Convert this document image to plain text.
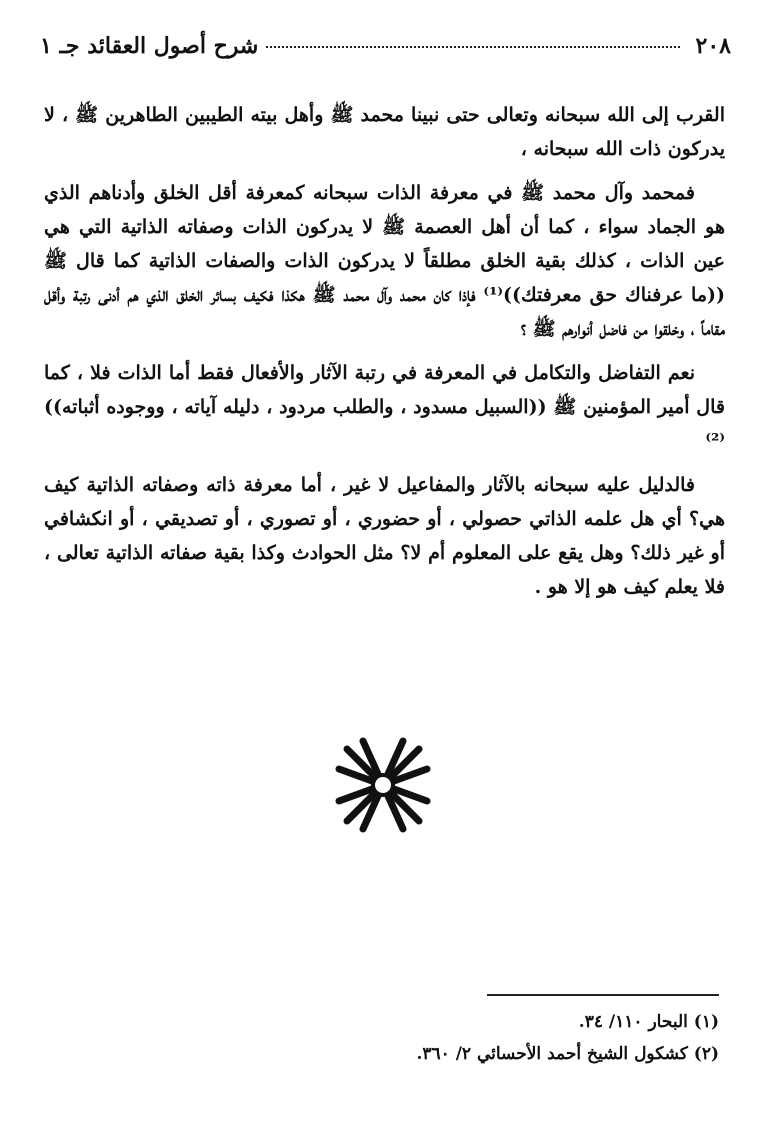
٢٠٨
شرح أصول العقائد جـ ١

القرب إلى الله سبحانه وتعالى حتى نبينا محمد ﷺ وأهل بيته الطيبين الطاهرين ﷺ ، لا يدركون ذات الله سبحانه ،

فمحمد وآل محمد ﷺ في معرفة الذات سبحانه كمعرفة أقل الخلق وأدناهم الذي هو الجماد سواء ، كما أن أهل العصمة ﷺ لا يدركون الذات وصفاته الذاتية التي هي عين الذات ، كذلك بقية الخلق مطلقاً لا يدركون الذات والصفات الذاتية كما قال ﷺ ((ما عرفناك حق معرفتك))⁽¹⁾ فإذا كان محمد وآل محمد ﷺ هكذا فكيف بسائر الخلق الذي هم أدنى رتبة وأقل مقاماً ، وخلقوا من فاضل أنوارهم ﷺ ؟

نعم التفاضل والتكامل في المعرفة في رتبة الآثار والأفعال فقط أما الذات فلا ، كما قال أمير المؤمنين ﷺ ((السبيل مسدود ، والطلب مردود ، دليله آياته ، ووجوده أثباته))⁽²⁾

فالدليل عليه سبحانه بالآثار والمفاعيل لا غير ، أما معرفة ذاته وصفاته الذاتية كيف هي؟ أي هل علمه الذاتي حصولي ، أو حضوري ، أو تصوري ، أو تصديقي ، أو انكشافي أو غير ذلك؟ وهل يقع على المعلوم أم لا؟ مثل الحوادث وكذا بقية صفاته الذاتية تعالى ، فلا يعلم كيف هو إلا هو .

(١) البحار ١١٠/ ٣٤.
(٢) كشكول الشيخ أحمد الأحسائي ٢/ ٣٦٠.
